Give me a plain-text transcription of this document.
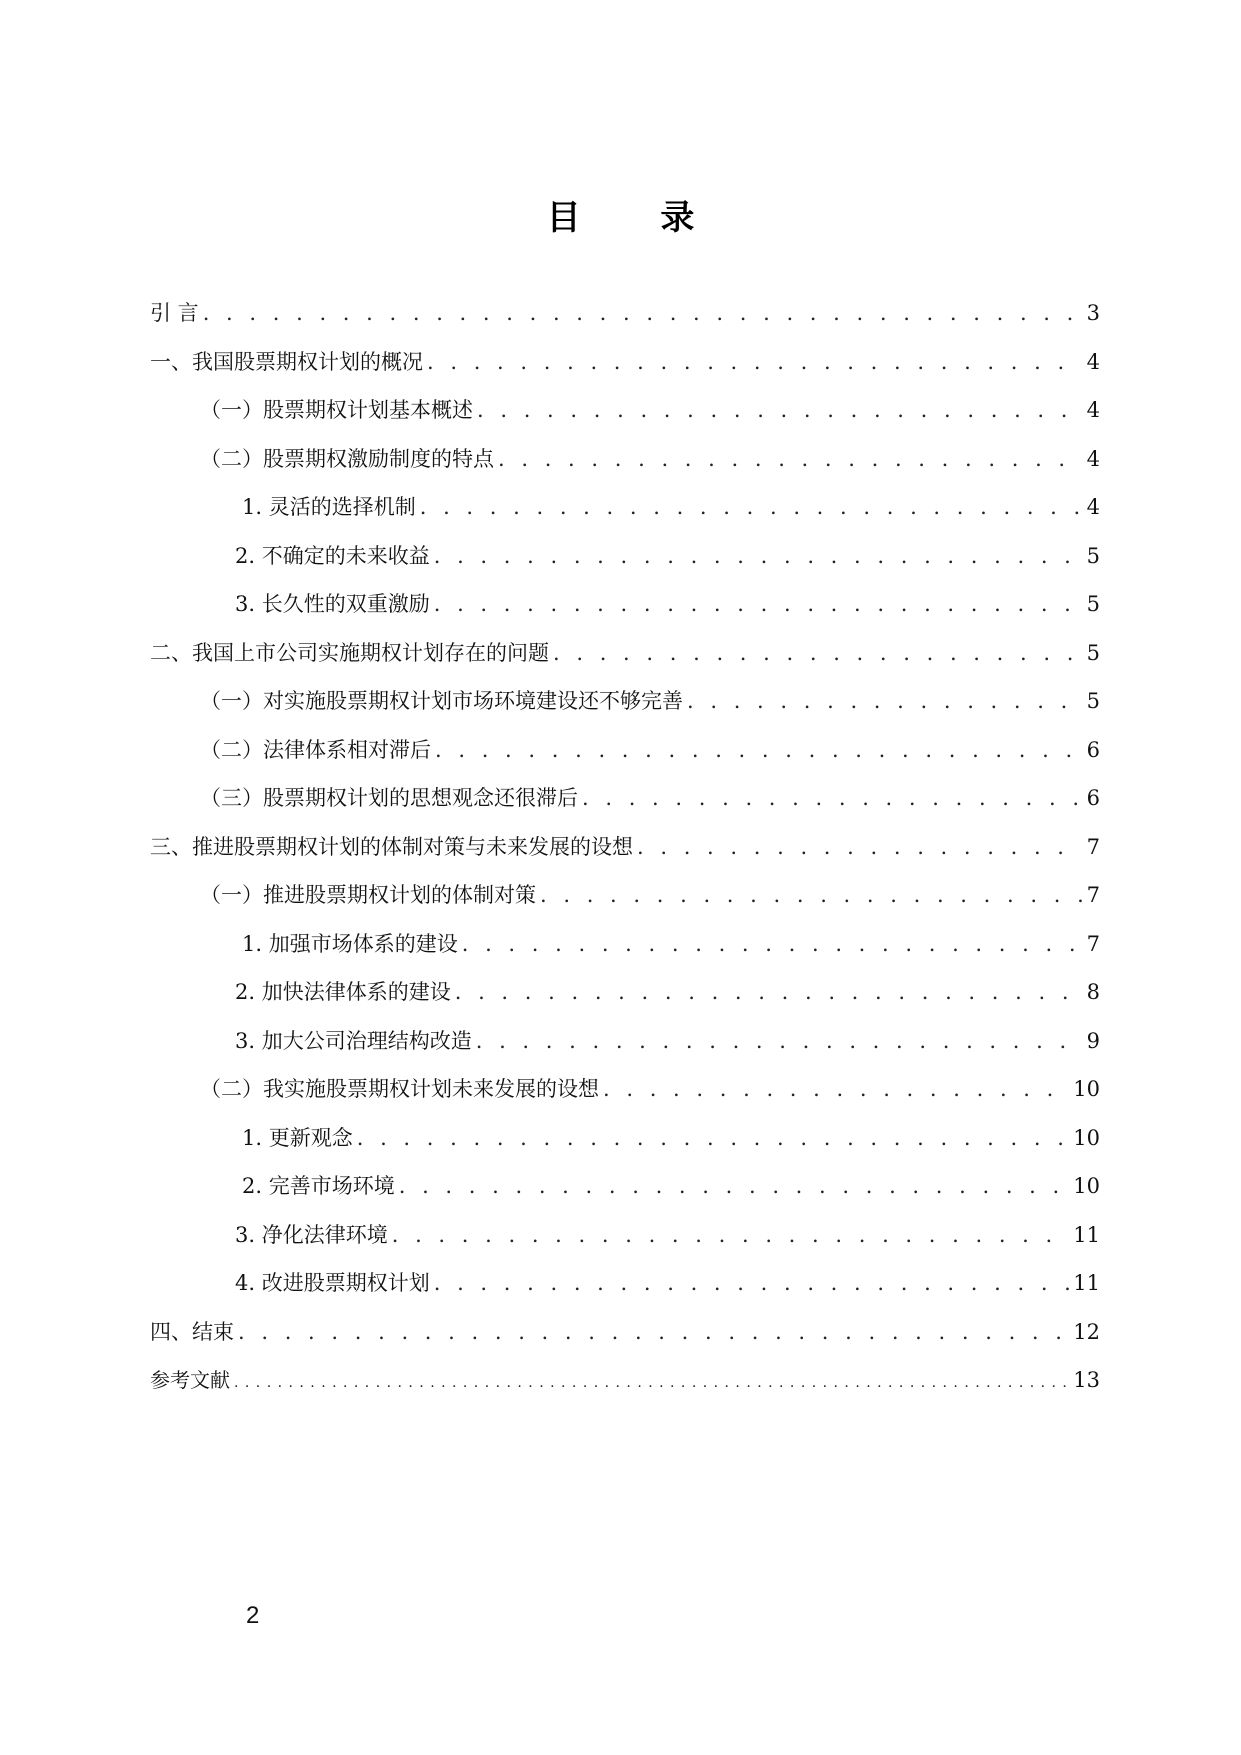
目 录
引 言 . . .	3
一、我国股票期权计划的概况 . . .	4
（一）股票期权计划基本概述 . . .	4
（二）股票期权激励制度的特点 . . .	4
1. 灵活的选择机制 . . .	4
2. 不确定的未来收益 . . .	5
3. 长久性的双重激励 . . .	5
二、我国上市公司实施期权计划存在的问题 . . .	5
（一）对实施股票期权计划市场环境建设还不够完善 . . .	5
（二）法律体系相对滞后 . . .	6
（三）股票期权计划的思想观念还很滞后 . . .	6
三、推进股票期权计划的体制对策与未来发展的设想 . . .	7
（一）推进股票期权计划的体制对策 . . .	7
1. 加强市场体系的建设 . . .	7
2. 加快法律体系的建设 . . .	8
3. 加大公司治理结构改造 . . .	9
（二）我实施股票期权计划未来发展的设想 . . .	10
1. 更新观念 . . .	10
2. 完善市场环境 . . .	10
3. 净化法律环境 . . .	11
4. 改进股票期权计划 . . .	11
四、结束 . . .	12
参考文献 . . .	13
2
